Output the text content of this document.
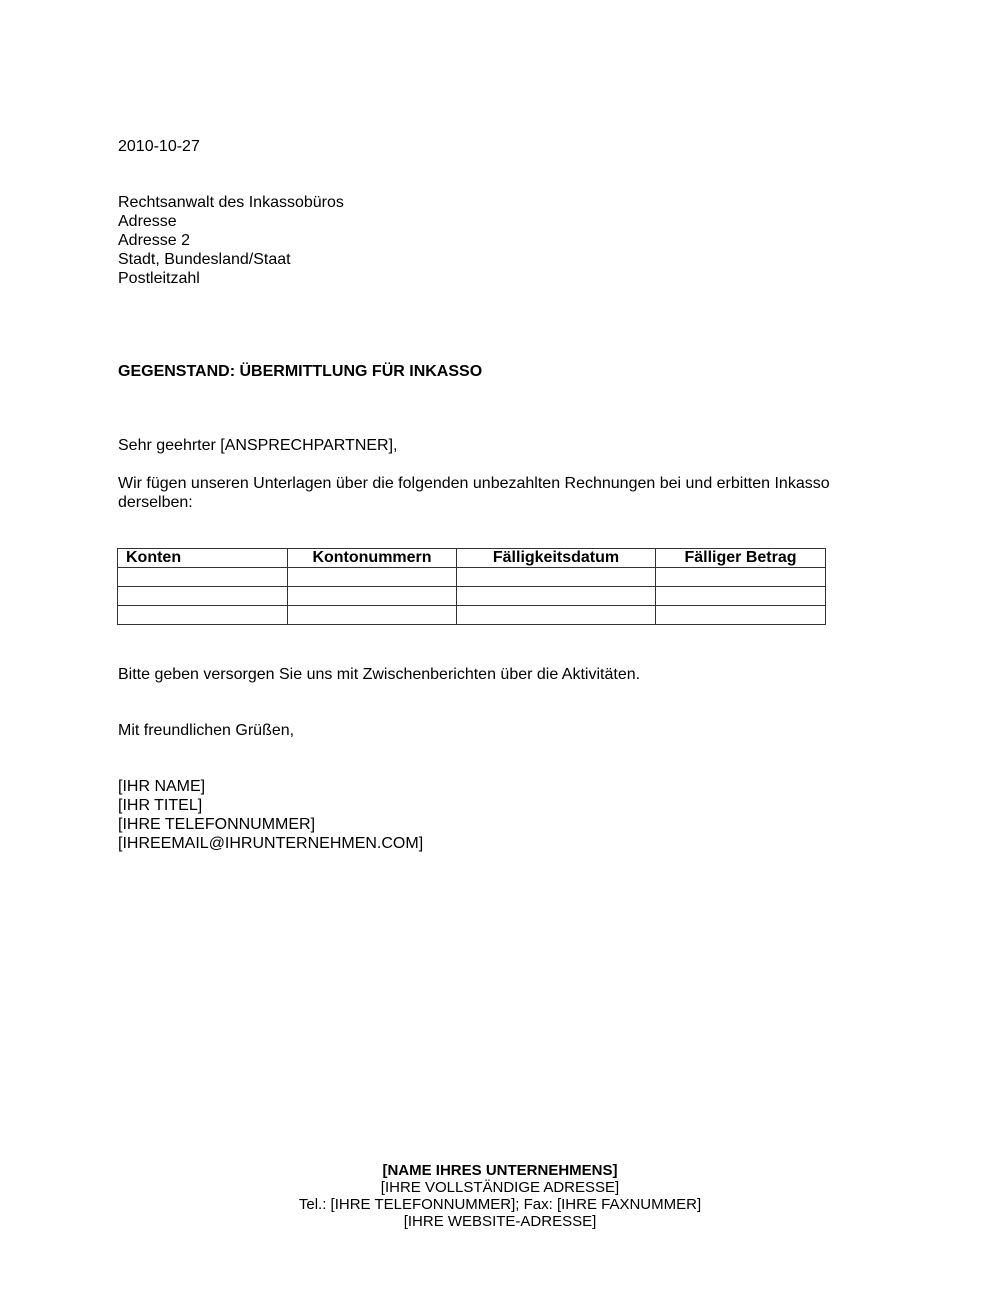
2010-10-27
Rechtsanwalt des Inkassobüros
Adresse
Adresse 2
Stadt, Bundesland/Staat
Postleitzahl
GEGENSTAND: ÜBERMITTLUNG FÜR INKASSO
Sehr geehrter [ANSPRECHPARTNER],
Wir fügen unseren Unterlagen über die folgenden unbezahlten Rechnungen bei und erbitten Inkasso derselben:
Konten	Kontonummern	Fälligkeitsdatum	Fälliger Betrag

Bitte geben versorgen Sie uns mit Zwischenberichten über die Aktivitäten.
Mit freundlichen Grüßen,
[IHR NAME]
[IHR TITEL]
[IHRE TELEFONNUMMER]
[IHREEMAIL@IHRUNTERNEHMEN.COM]
[NAME IHRES UNTERNEHMENS]
[IHRE VOLLSTÄNDIGE ADRESSE]
Tel.: [IHRE TELEFONNUMMER]; Fax: [IHRE FAXNUMMER]
[IHRE WEBSITE-ADRESSE]
